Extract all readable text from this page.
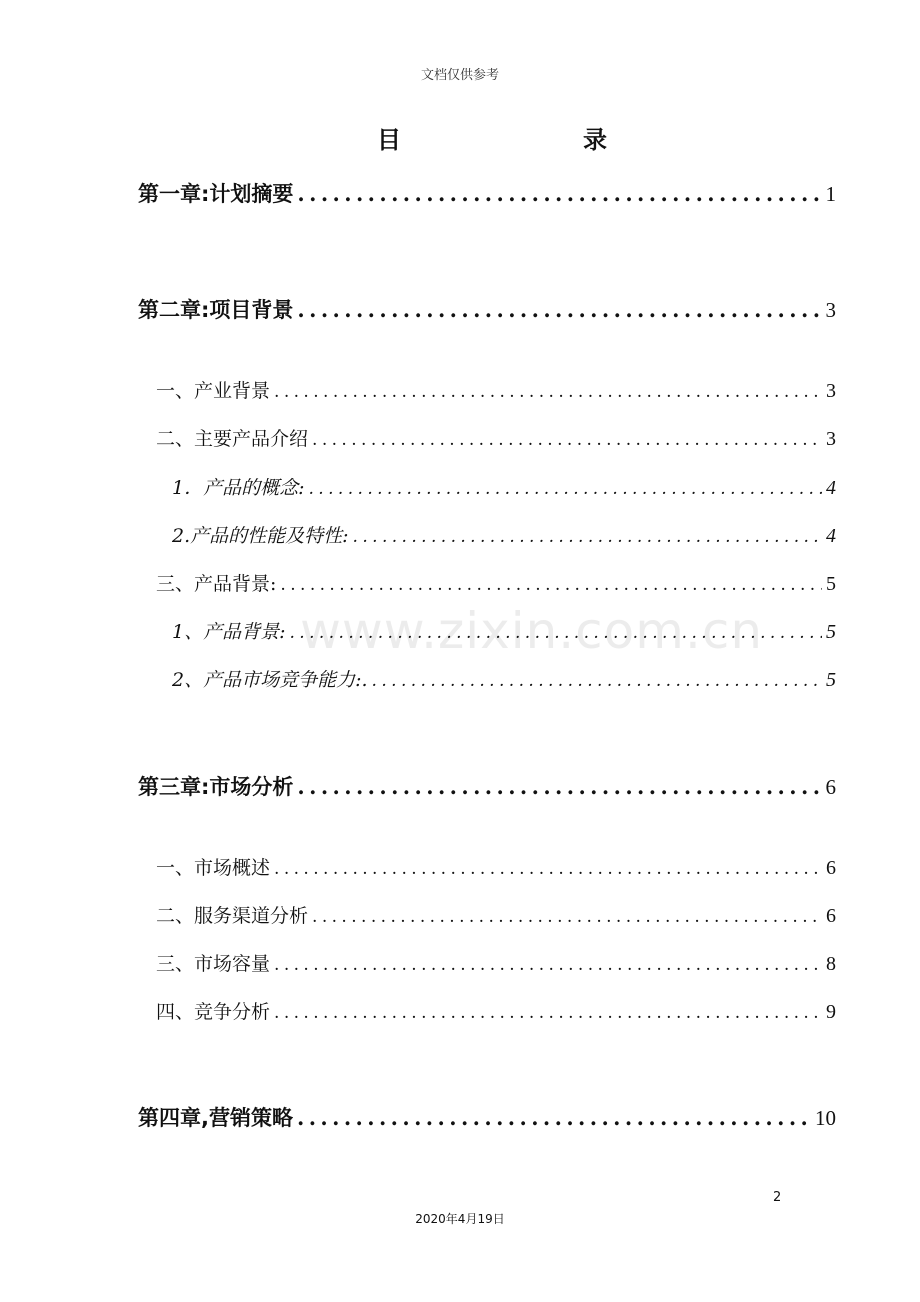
文档仅供参考
目	录
www.zixin.com.cn
第一章:计划摘要 .....	1
第二章:项目背景 .....	3
一、产业背景 .....	3
二、主要产品介绍 .....	3
1．产品的概念: .....	4
2.产品的性能及特性: .....	4
三、产品背景: .....	5
1、产品背景: .....	5
2、产品市场竞争能力:. .....	5
第三章:市场分析 .....	6
一、市场概述 .....	6
二、服务渠道分析 .....	6
三、市场容量 .....	8
四、竞争分析 .....	9
第四章,营销策略 .....	10
2
2020年4月19日
